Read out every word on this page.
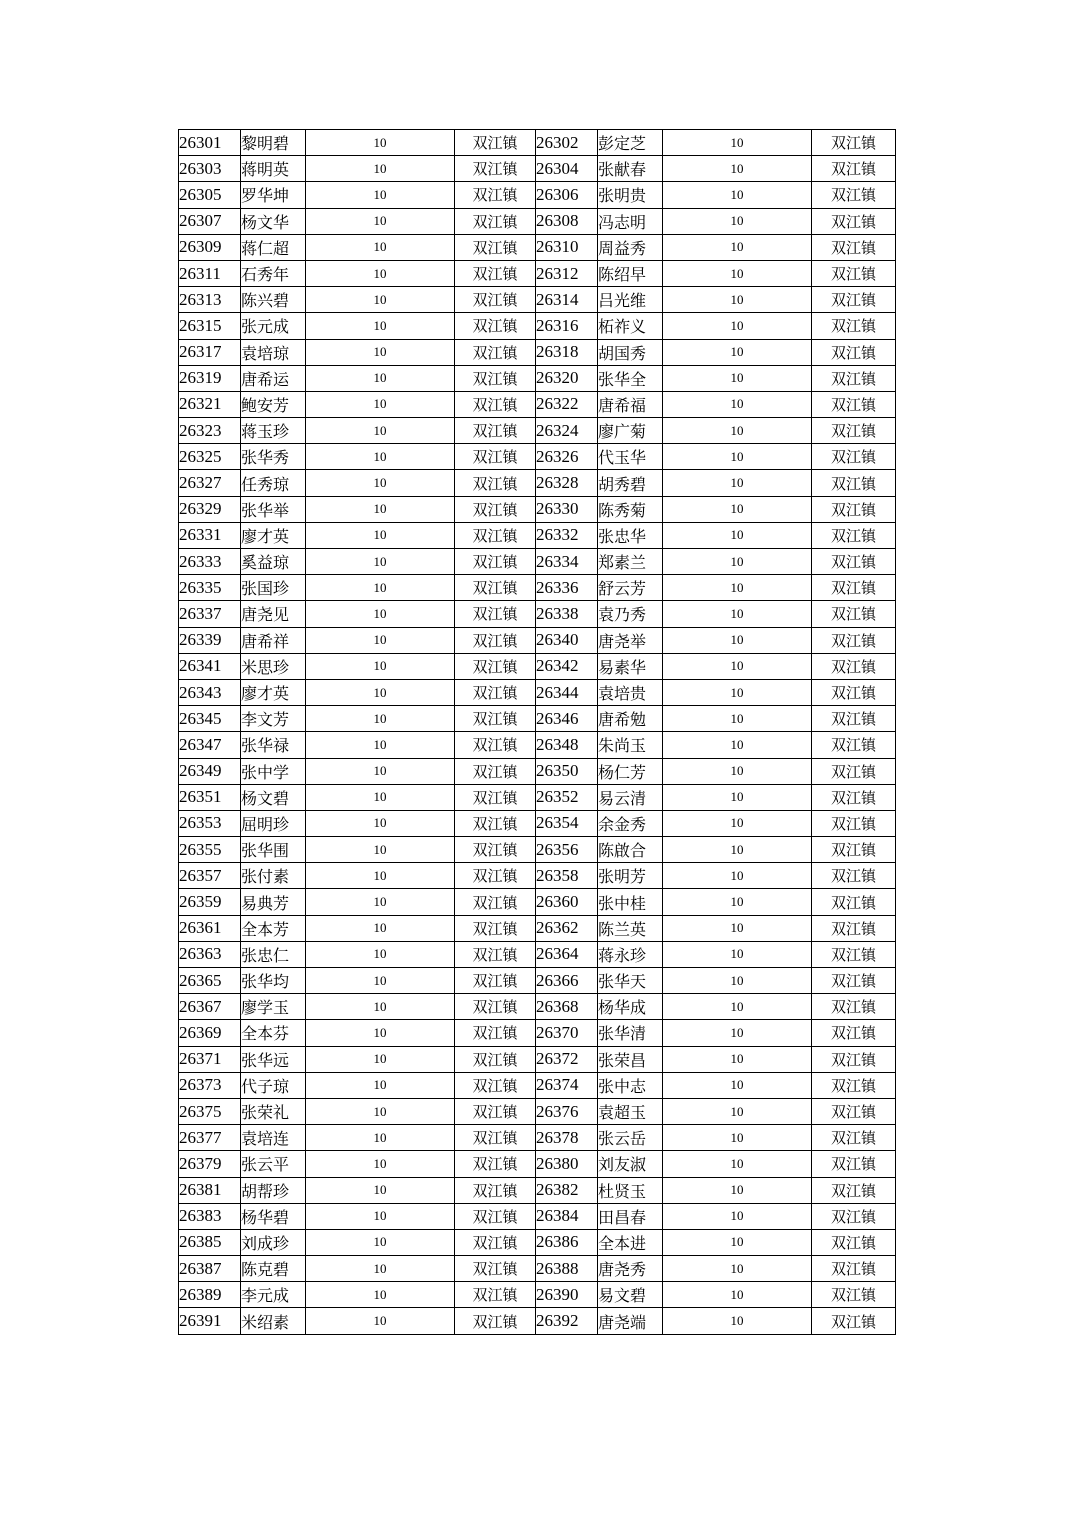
26301	黎明碧	10	双江镇	26302	彭定芝	10	双江镇
26303	蒋明英	10	双江镇	26304	张献春	10	双江镇
26305	罗华坤	10	双江镇	26306	张明贵	10	双江镇
26307	杨文华	10	双江镇	26308	冯志明	10	双江镇
26309	蒋仁超	10	双江镇	26310	周益秀	10	双江镇
26311	石秀年	10	双江镇	26312	陈绍早	10	双江镇
26313	陈兴碧	10	双江镇	26314	吕光维	10	双江镇
26315	张元成	10	双江镇	26316	柘祚义	10	双江镇
26317	袁培琼	10	双江镇	26318	胡国秀	10	双江镇
26319	唐希运	10	双江镇	26320	张华全	10	双江镇
26321	鲍安芳	10	双江镇	26322	唐希福	10	双江镇
26323	蒋玉珍	10	双江镇	26324	廖广菊	10	双江镇
26325	张华秀	10	双江镇	26326	代玉华	10	双江镇
26327	任秀琼	10	双江镇	26328	胡秀碧	10	双江镇
26329	张华举	10	双江镇	26330	陈秀菊	10	双江镇
26331	廖才英	10	双江镇	26332	张忠华	10	双江镇
26333	奚益琼	10	双江镇	26334	郑素兰	10	双江镇
26335	张国珍	10	双江镇	26336	舒云芳	10	双江镇
26337	唐尧见	10	双江镇	26338	袁乃秀	10	双江镇
26339	唐希祥	10	双江镇	26340	唐尧举	10	双江镇
26341	米思珍	10	双江镇	26342	易素华	10	双江镇
26343	廖才英	10	双江镇	26344	袁培贵	10	双江镇
26345	李文芳	10	双江镇	26346	唐希勉	10	双江镇
26347	张华禄	10	双江镇	26348	朱尚玉	10	双江镇
26349	张中学	10	双江镇	26350	杨仁芳	10	双江镇
26351	杨文碧	10	双江镇	26352	易云清	10	双江镇
26353	屈明珍	10	双江镇	26354	余金秀	10	双江镇
26355	张华围	10	双江镇	26356	陈啟合	10	双江镇
26357	张付素	10	双江镇	26358	张明芳	10	双江镇
26359	易典芳	10	双江镇	26360	张中桂	10	双江镇
26361	全本芳	10	双江镇	26362	陈兰英	10	双江镇
26363	张忠仁	10	双江镇	26364	蒋永珍	10	双江镇
26365	张华均	10	双江镇	26366	张华天	10	双江镇
26367	廖学玉	10	双江镇	26368	杨华成	10	双江镇
26369	全本芬	10	双江镇	26370	张华清	10	双江镇
26371	张华远	10	双江镇	26372	张荣昌	10	双江镇
26373	代子琼	10	双江镇	26374	张中志	10	双江镇
26375	张荣礼	10	双江镇	26376	袁超玉	10	双江镇
26377	袁培连	10	双江镇	26378	张云岳	10	双江镇
26379	张云平	10	双江镇	26380	刘友淑	10	双江镇
26381	胡帮珍	10	双江镇	26382	杜贤玉	10	双江镇
26383	杨华碧	10	双江镇	26384	田昌春	10	双江镇
26385	刘成珍	10	双江镇	26386	全本进	10	双江镇
26387	陈克碧	10	双江镇	26388	唐尧秀	10	双江镇
26389	李元成	10	双江镇	26390	易文碧	10	双江镇
26391	米绍素	10	双江镇	26392	唐尧端	10	双江镇
